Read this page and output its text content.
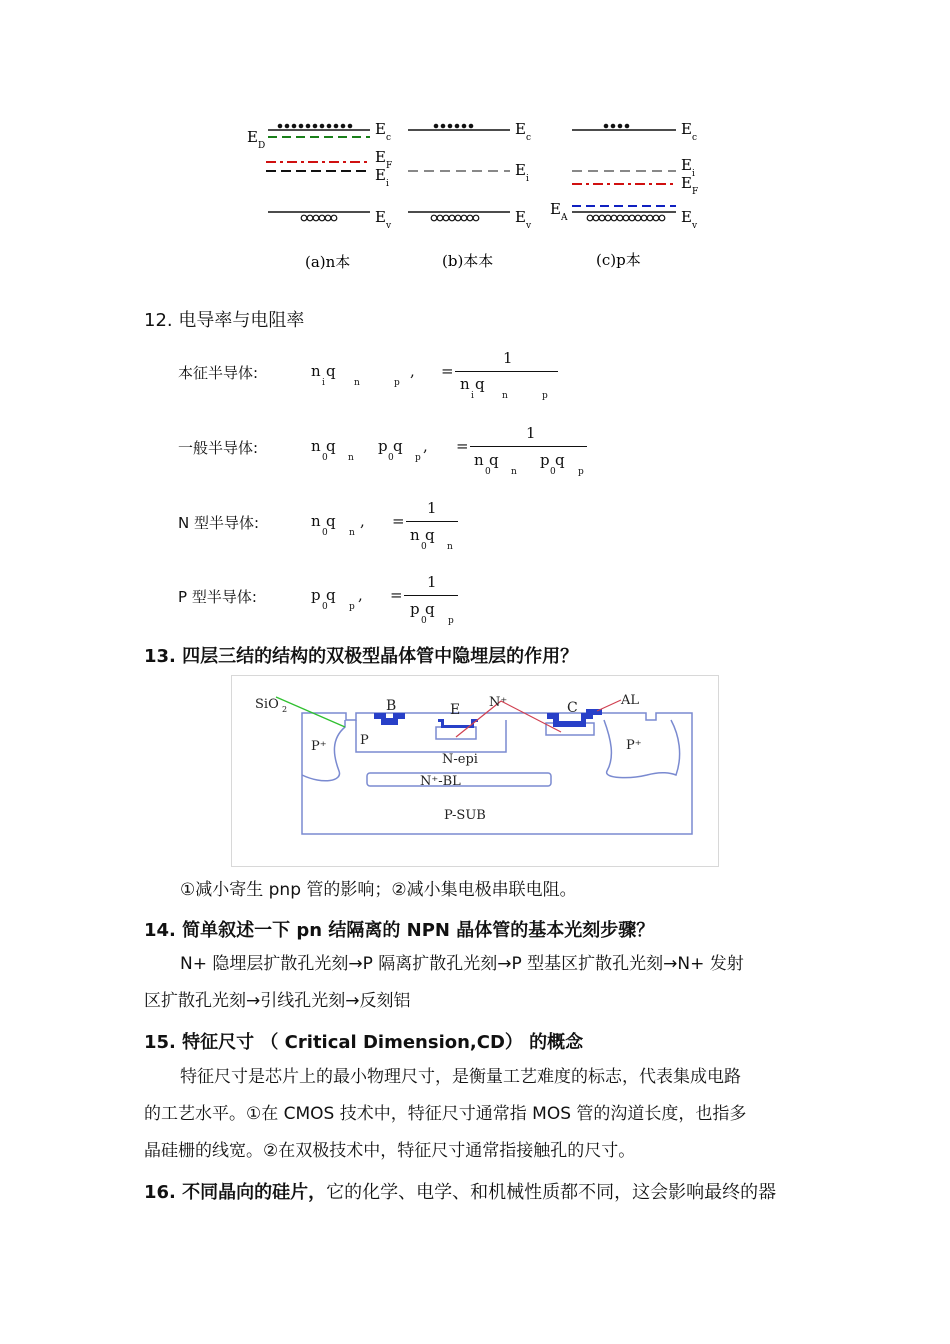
E D
E c
E F
E i
E v
(a)n本
E c
E i
E v
(b)本本
E A
E c
E i
E F
E v
(c)p本
12. 电导率与电阻率
本征半导体:	n q
i	n	p
, =
1
n q
i	n	p
一般半导体:	n q
0 n
p q
0 p
, =
1
n q
0 n
p q
0 p
N 型半导体:	n q
0 n
, =
1
n q
0 n
P 型半导体:	p q
0 p
, =
1
p q
0 p
13. 四层三结的结构的双极型晶体管中隐埋层的作用？
SiO 2	B	E N⁺	C	AL
P⁺	P	P⁺
N-epi
N⁺-BL
P-SUB
①减小寄生 pnp 管的影响；②减小集电极串联电阻。
14. 简单叙述一下 pn 结隔离的 NPN 晶体管的基本光刻步骤？
N+ 隐埋层扩散孔光刻→P 隔离扩散孔光刻→P 型基区扩散孔光刻→N+ 发射
区扩散孔光刻→引线孔光刻→反刻铝
15. 特征尺寸 （ Critical Dimension,CD） 的概念
特征尺寸是芯片上的最小物理尺寸，是衡量工艺难度的标志，代表集成电路
的工艺水平。①在 CMOS 技术中，特征尺寸通常指 MOS 管的沟道长度，也指多
晶硅栅的线宽。②在双极技术中，特征尺寸通常指接触孔的尺寸。
16. 不同晶向的硅片，它的化学、电学、和机械性质都不同，这会影响最终的器
